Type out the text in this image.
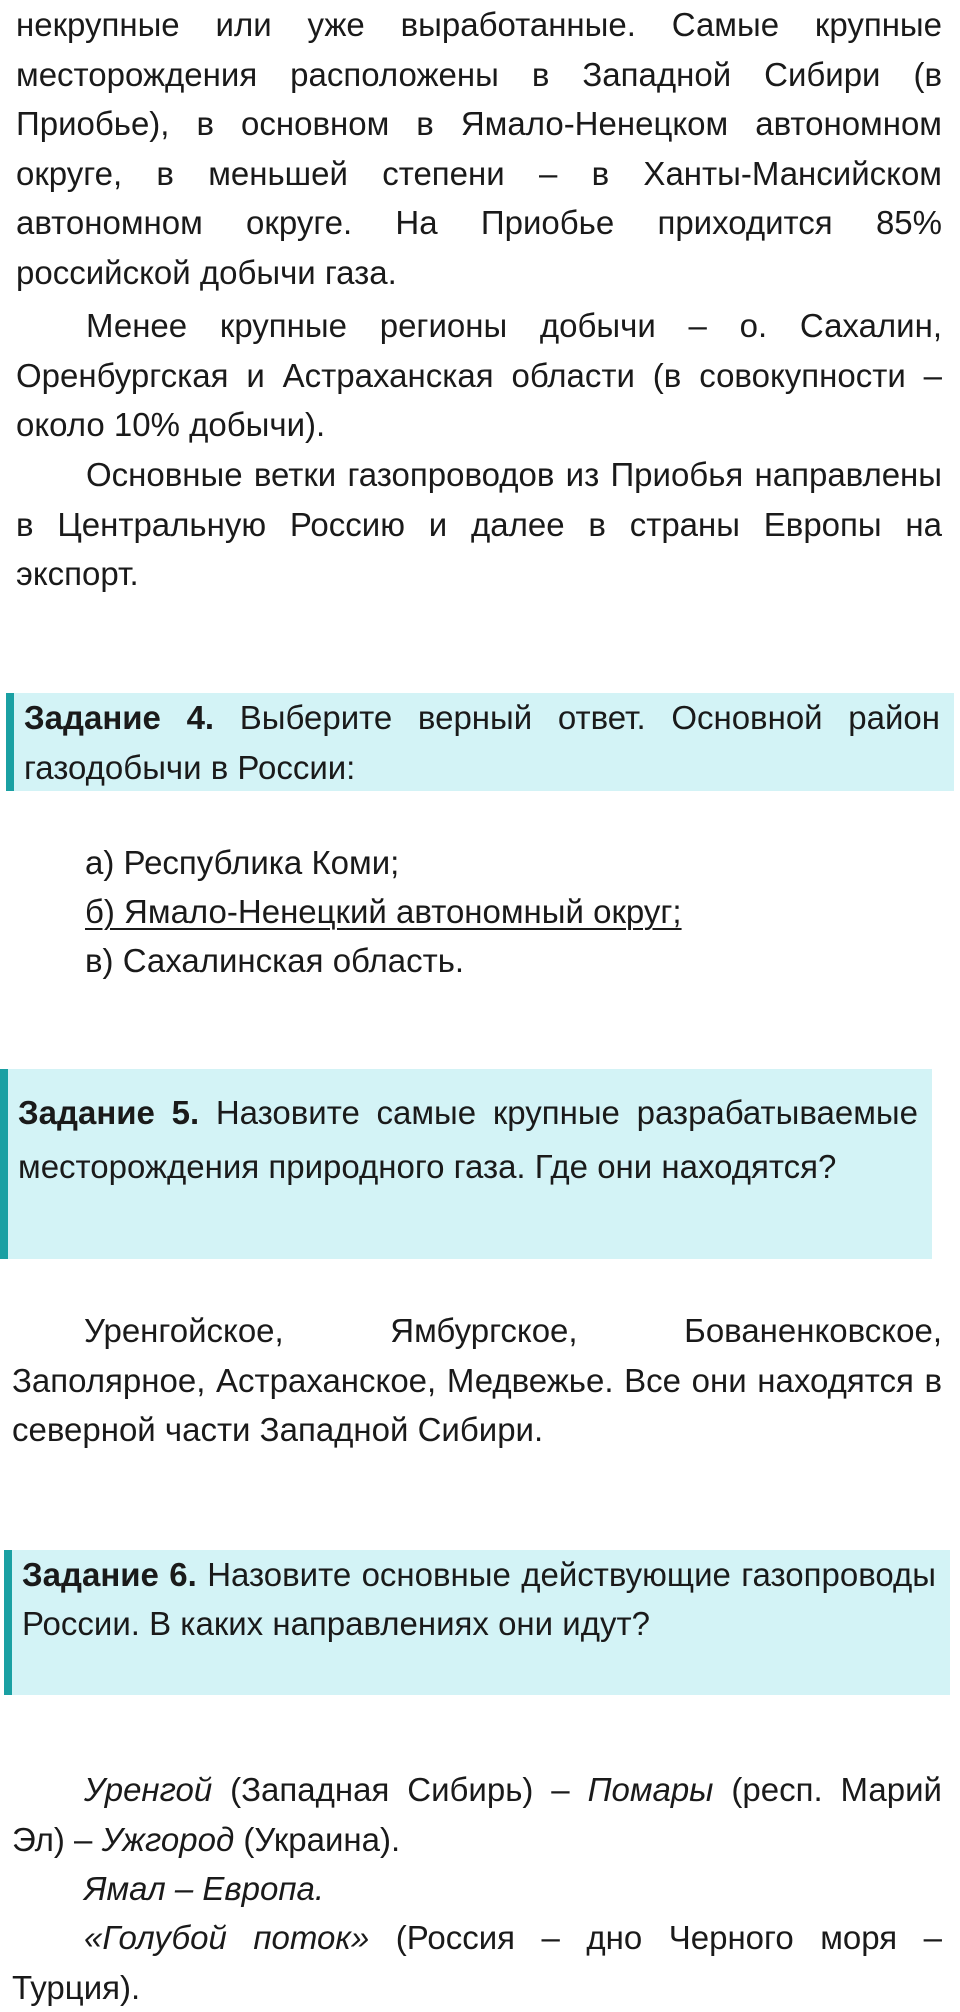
некрупные или уже выработанные. Самые крупные месторождения расположены в Западной Сибири (в Приобье), в основном в Ямало-Ненецком автономном округе, в меньшей степени – в Ханты-Мансийском автономном округе. На Приобье приходится 85% российской добычи газа.

Менее крупные регионы добычи – о. Сахалин, Оренбургская и Астраханская области (в совокупности – около 10% добычи).

Основные ветки газопроводов из Приобья направлены в Центральную Россию и далее в страны Европы на экспорт.

Задание 4. Выберите верный ответ. Основной район газодобычи в России:
а) Республика Коми;
б) Ямало-Ненецкий автономный округ;
в) Сахалинская область.
Задание 5. Назовите самые крупные разрабатываемые месторождения природного газа. Где они находятся?

Уренгойское, Ямбургское, Бованенковское, Заполярное, Астраханское, Медвежье. Все они находятся в северной части Западной Сибири.

Задание 6. Назовите основные действующие газопроводы России. В каких направлениях они идут?

Уренгой (Западная Сибирь) – Помары (респ. Марий Эл) – Ужгород (Украина).

Ямал – Европа.

«Голубой поток» (Россия – дно Черного моря – Турция).
